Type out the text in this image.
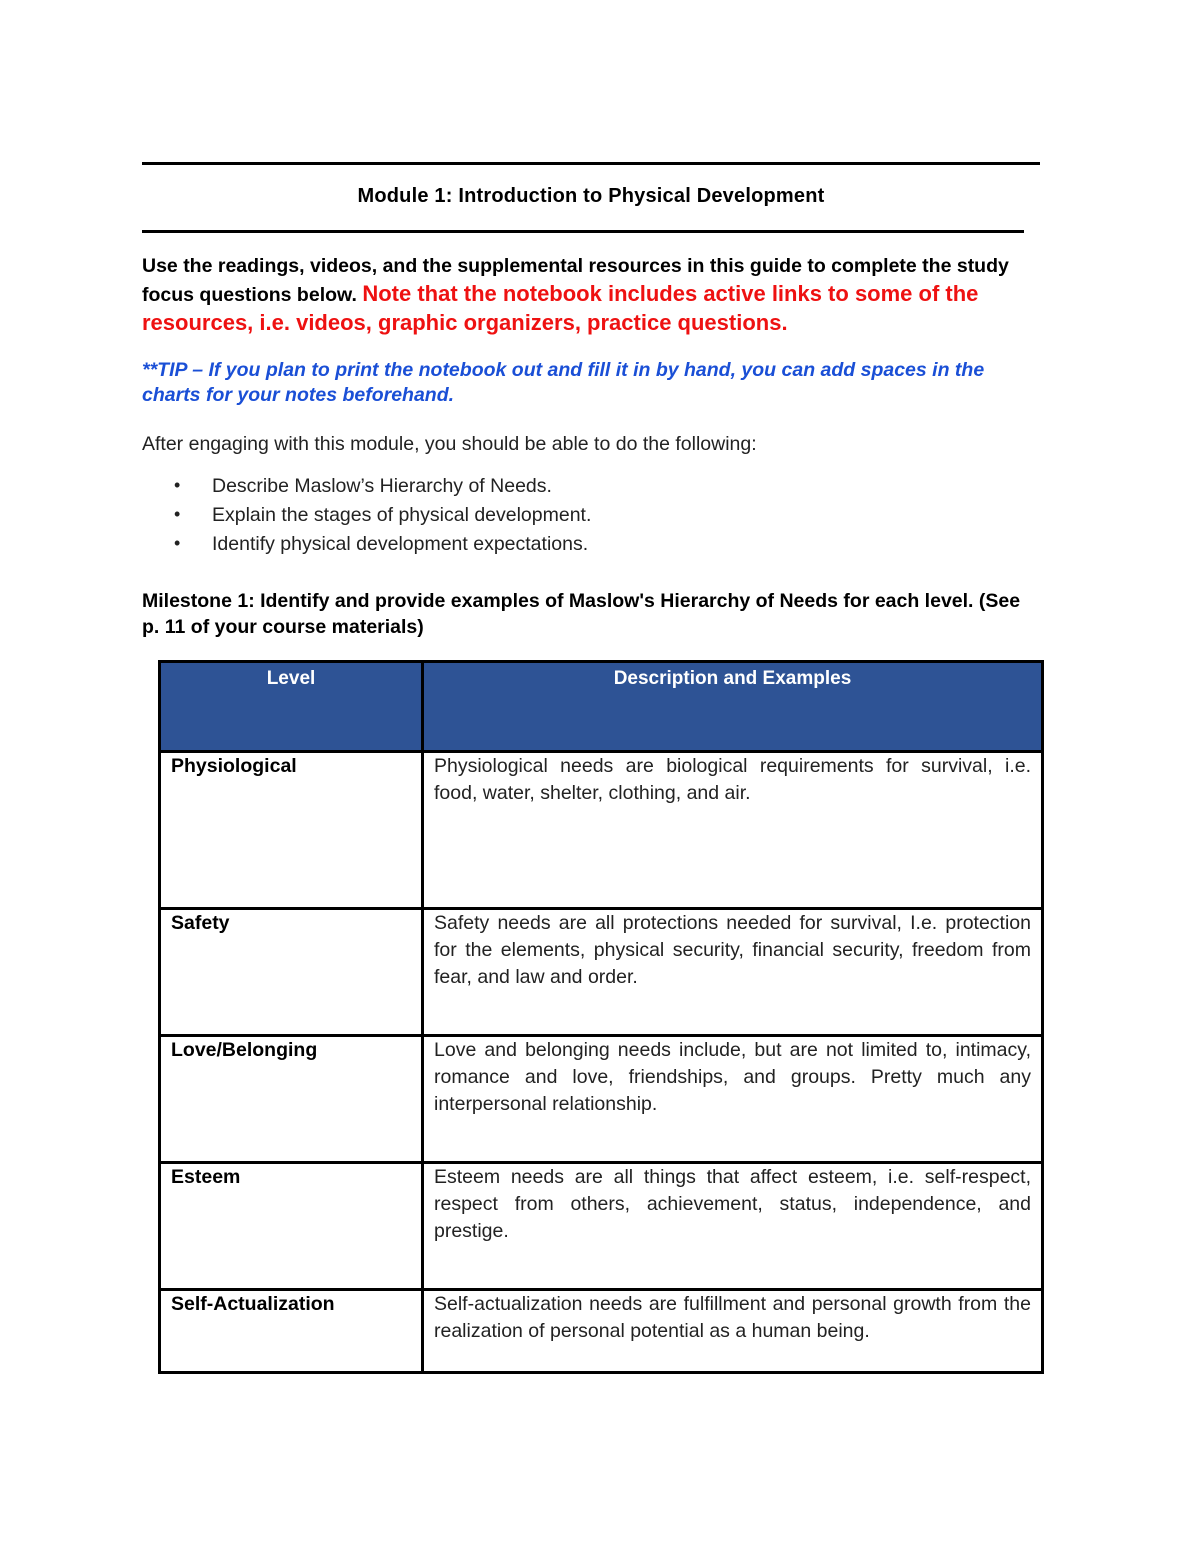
Module 1: Introduction to Physical Development
Use the readings, videos, and the supplemental resources in this guide to complete the study focus questions below. Note that the notebook includes active links to some of the resources, i.e. videos, graphic organizers, practice questions.
**TIP – If you plan to print the notebook out and fill it in by hand, you can add spaces in the charts for your notes beforehand.
After engaging with this module, you should be able to do the following:
• Describe Maslow’s Hierarchy of Needs.
• Explain the stages of physical development.
• Identify physical development expectations.
Milestone 1: Identify and provide examples of Maslow's Hierarchy of Needs for each level. (See p. 11 of your course materials)
Level	Description and Examples
Physiological	Physiological needs are biological requirements for survival, i.e. food, water, shelter, clothing, and air.
Safety	Safety needs are all protections needed for survival, I.e. protection for the elements, physical security, financial security, freedom from fear, and law and order.
Love/Belonging	Love and belonging needs include, but are not limited to, intimacy, romance and love, friendships, and groups. Pretty much any interpersonal relationship.
Esteem	Esteem needs are all things that affect esteem, i.e. self-respect, respect from others, achievement, status, independence, and prestige.
Self-Actualization	Self-actualization needs are fulfillment and personal growth from the realization of personal potential as a human being.
